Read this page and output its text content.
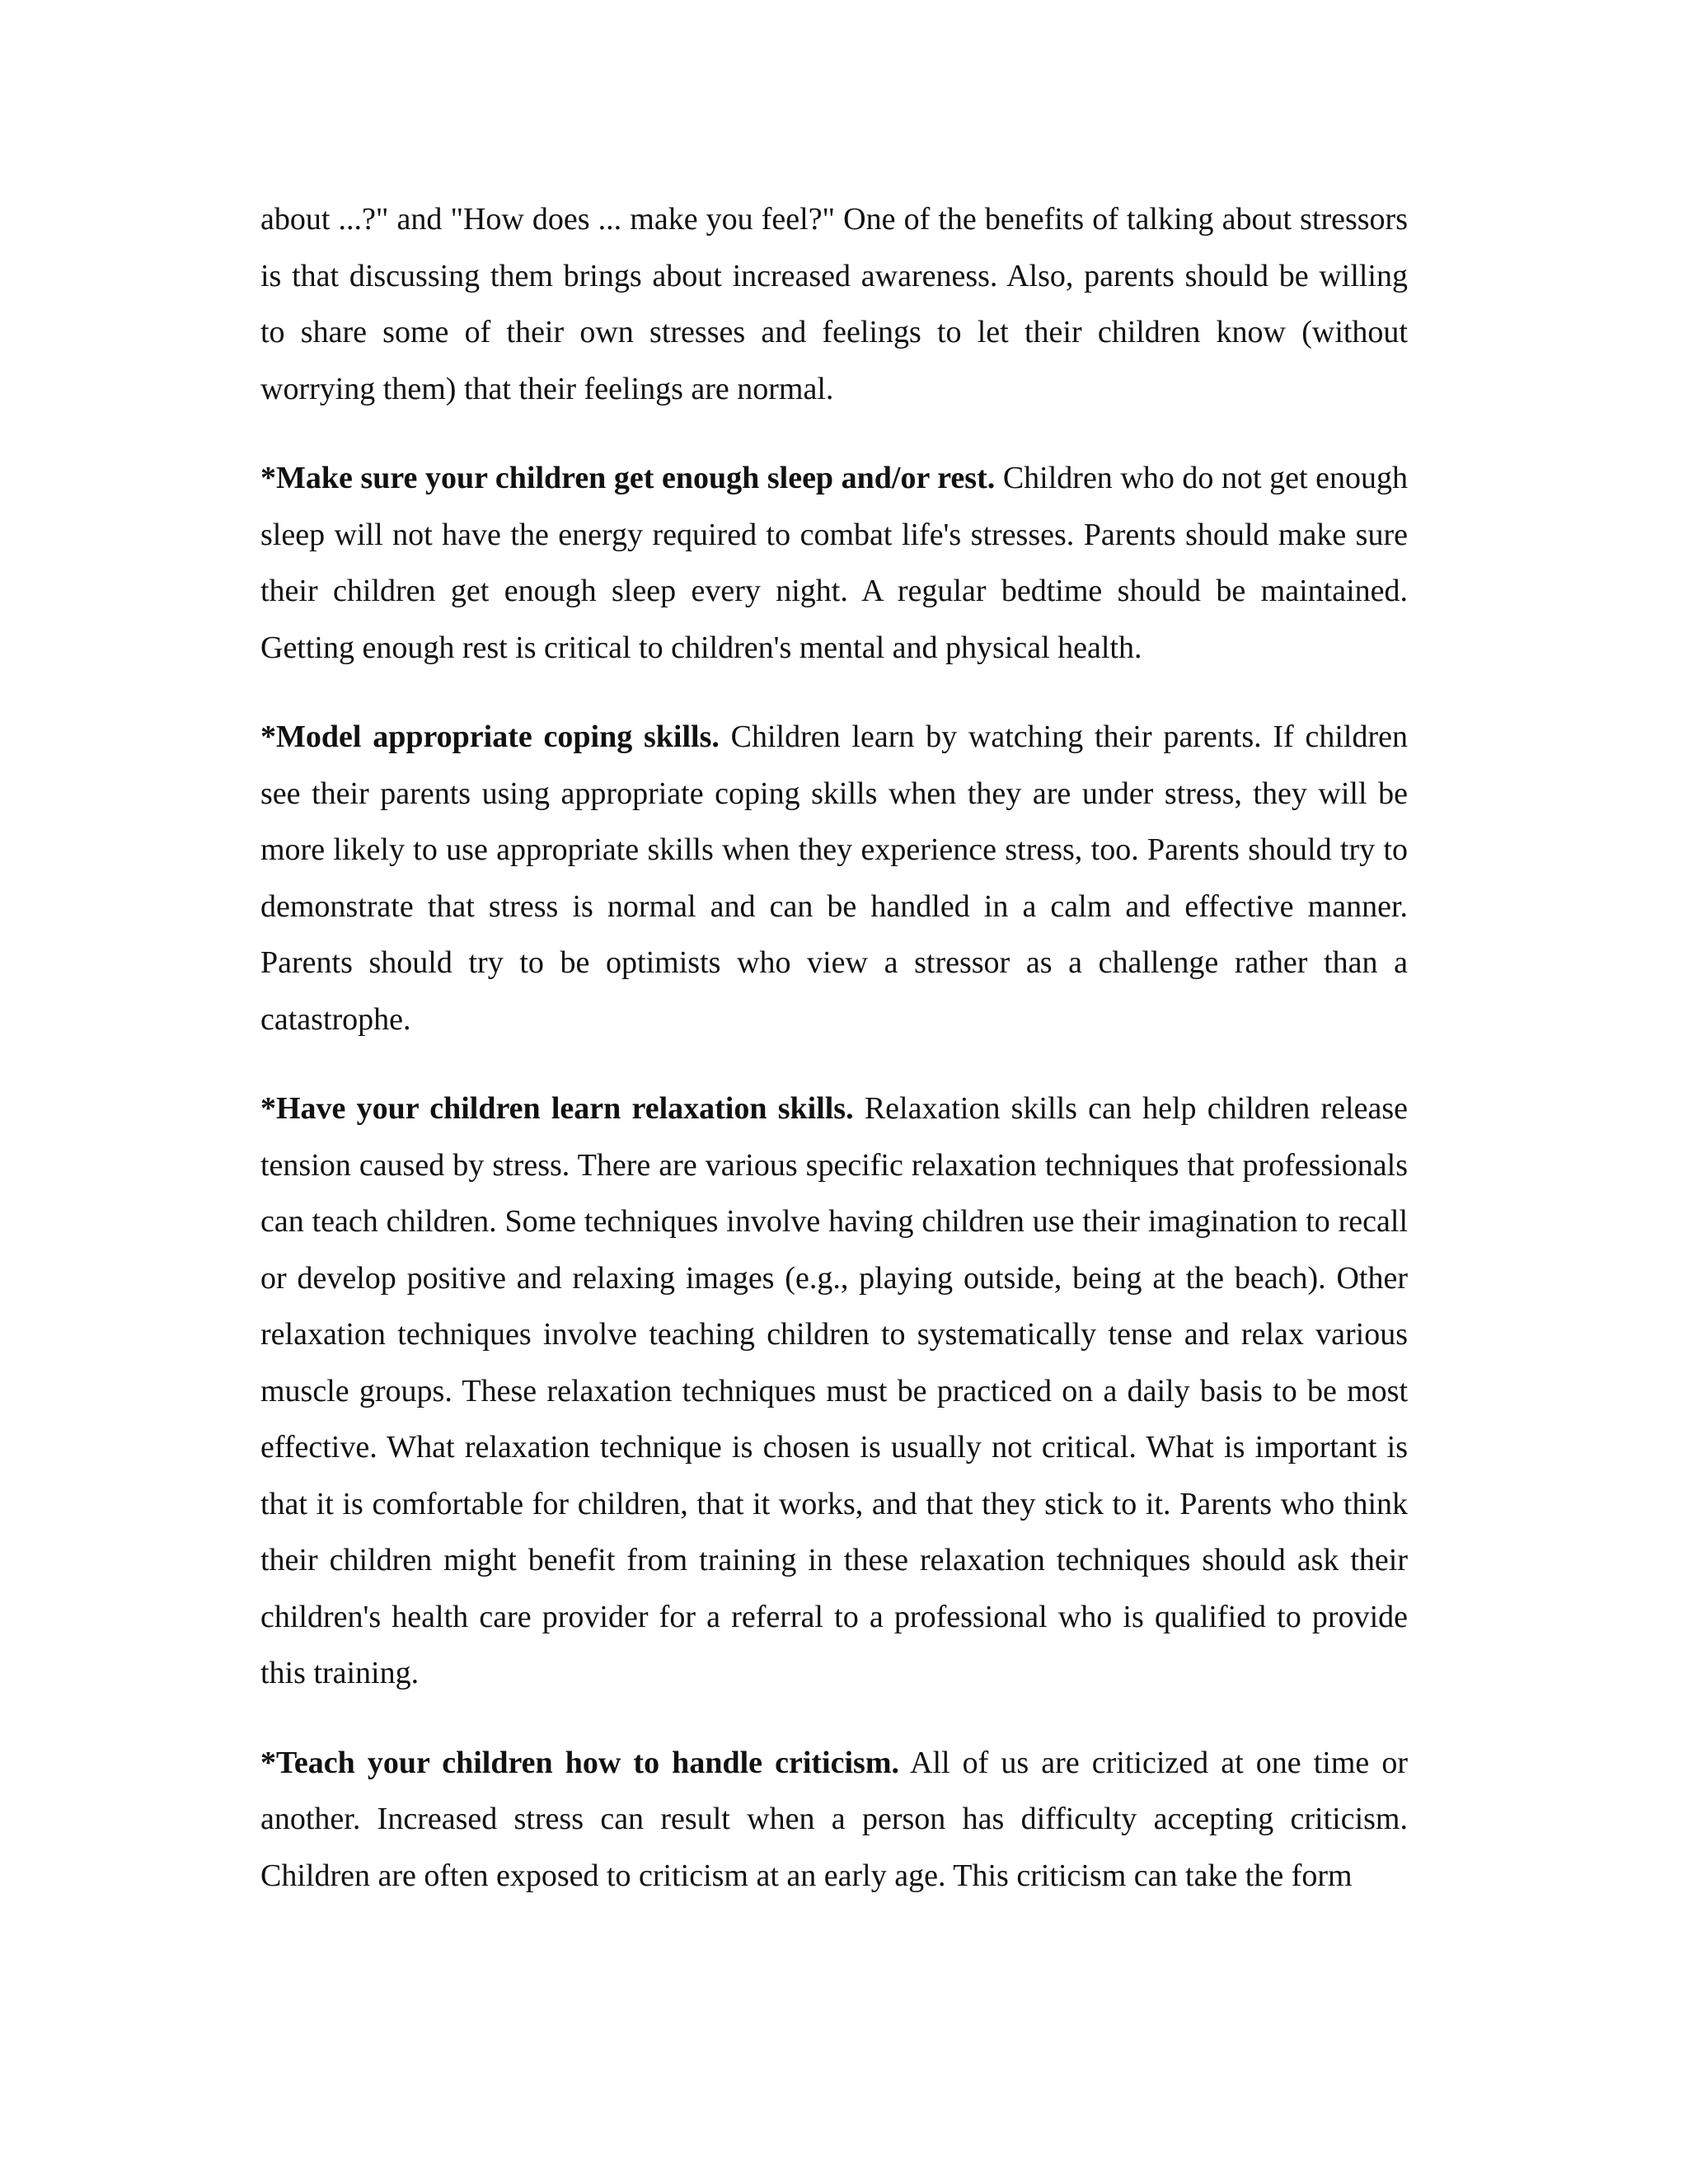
about ...?" and "How does ... make you feel?" One of the benefits of talking about stressors is that discussing them brings about increased awareness. Also, parents should be willing to share some of their own stresses and feelings to let their children know (without worrying them) that their feelings are normal.

*Make sure your children get enough sleep and/or rest. Children who do not get enough sleep will not have the energy required to combat life's stresses. Parents should make sure their children get enough sleep every night. A regular bedtime should be maintained. Getting enough rest is critical to children's mental and physical health.

*Model appropriate coping skills. Children learn by watching their parents. If children see their parents using appropriate coping skills when they are under stress, they will be more likely to use appropriate skills when they experience stress, too. Parents should try to demonstrate that stress is normal and can be handled in a calm and effective manner. Parents should try to be optimists who view a stressor as a challenge rather than a catastrophe.

*Have your children learn relaxation skills. Relaxation skills can help children release tension caused by stress. There are various specific relaxation techniques that professionals can teach children. Some techniques involve having children use their imagination to recall or develop positive and relaxing images (e.g., playing outside, being at the beach). Other relaxation techniques involve teaching children to systematically tense and relax various muscle groups. These relaxation techniques must be practiced on a daily basis to be most effective. What relaxation technique is chosen is usually not critical. What is important is that it is comfortable for children, that it works, and that they stick to it. Parents who think their children might benefit from training in these relaxation techniques should ask their children's health care provider for a referral to a professional who is qualified to provide this training.

*Teach your children how to handle criticism. All of us are criticized at one time or another. Increased stress can result when a person has difficulty accepting criticism. Children are often exposed to criticism at an early age. This criticism can take the form
